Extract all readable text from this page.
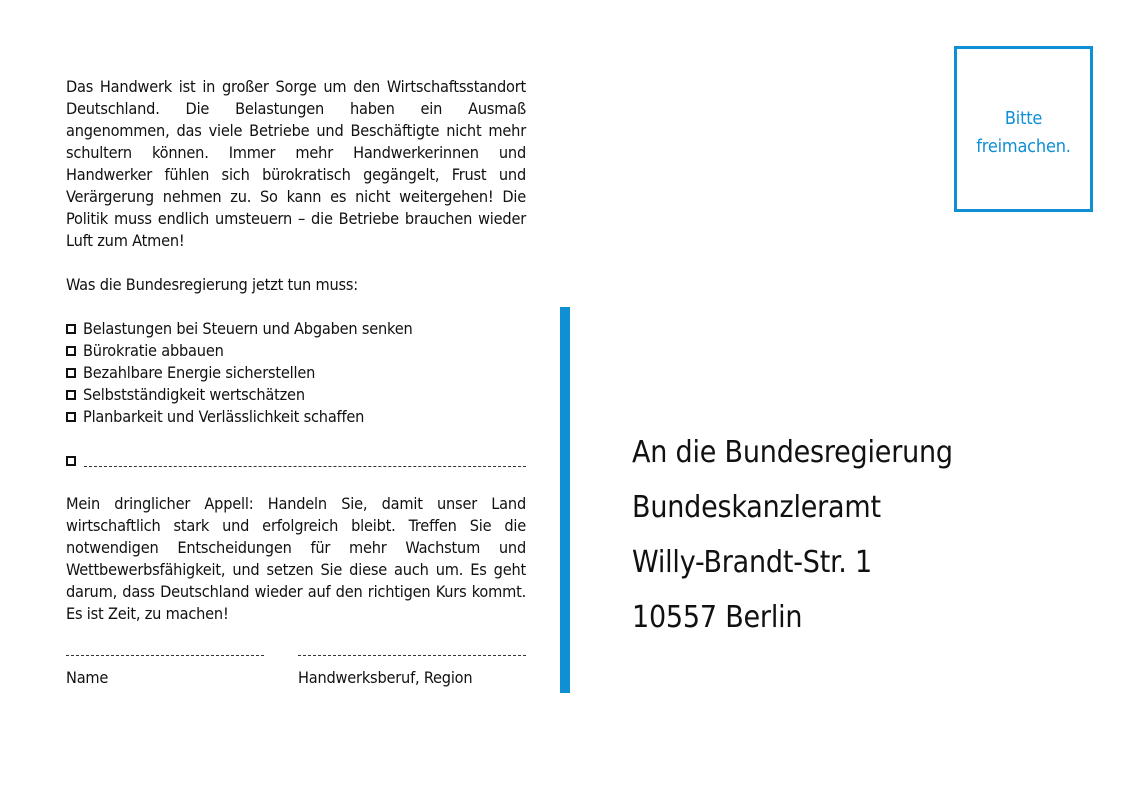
Das Handwerk ist in großer Sorge um den Wirtschaftsstandort Deutschland. Die Belastungen haben ein Ausmaß angenommen, das viele Betriebe und Beschäftigte nicht mehr schultern können. Immer mehr Handwerkerinnen und Handwerker fühlen sich bürokratisch gegängelt, Frust und Verärgerung nehmen zu. So kann es nicht weitergehen! Die Politik muss endlich umsteuern – die Betriebe brauchen wieder Luft zum Atmen!

Was die Bundesregierung jetzt tun muss:

Belastungen bei Steuern und Abgaben senken
Bürokratie abbauen
Bezahlbare Energie sicherstellen
Selbstständigkeit wertschätzen
Planbarkeit und Verlässlichkeit schaffen

Mein dringlicher Appell: Handeln Sie, damit unser Land wirtschaftlich stark und erfolgreich bleibt. Treffen Sie die notwendigen Entscheidungen für mehr Wachstum und Wettbewerbsfähigkeit, und setzen Sie diese auch um. Es geht darum, dass Deutschland wieder auf den richtigen Kurs kommt. Es ist Zeit, zu machen!

Name	Handwerksberuf, Region
Bitte
freimachen.
An die Bundesregierung
Bundeskanzleramt
Willy-Brandt-Str. 1
10557 Berlin
